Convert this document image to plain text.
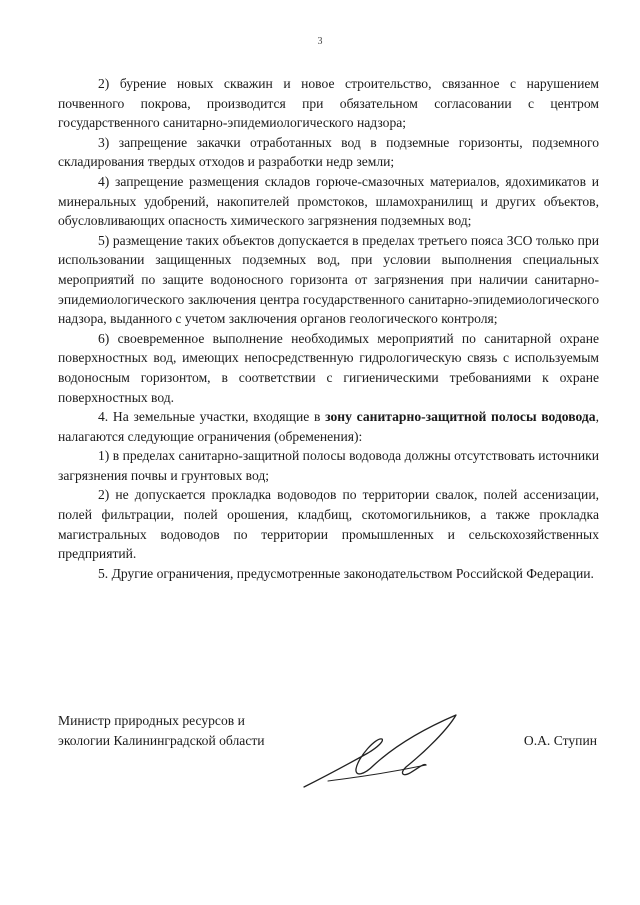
3

2) бурение новых скважин и новое строительство, связанное с нарушением почвенного покрова, производится при обязательном согласовании с центром государственного санитарно-эпидемиологического надзора;

3) запрещение закачки отработанных вод в подземные горизонты, подземного складирования твердых отходов и разработки недр земли;

4) запрещение размещения складов горюче-смазочных материалов, ядохимикатов и минеральных удобрений, накопителей промстоков, шламохранилищ и других объектов, обусловливающих опасность химического загрязнения подземных вод;

5) размещение таких объектов допускается в пределах третьего пояса ЗСО только при использовании защищенных подземных вод, при условии выполнения специальных мероприятий по защите водоносного горизонта от загрязнения при наличии санитарно-эпидемиологического заключения центра государственного санитарно-эпидемиологического надзора, выданного с учетом заключения органов геологического контроля;

6) своевременное выполнение необходимых мероприятий по санитарной охране поверхностных вод, имеющих непосредственную гидрологическую связь с используемым водоносным горизонтом, в соответствии с гигиеническими требованиями к охране поверхностных вод.

4. На земельные участки, входящие в зону санитарно-защитной полосы водовода, налагаются следующие ограничения (обременения):

1) в пределах санитарно-защитной полосы водовода должны отсутствовать источники загрязнения почвы и грунтовых вод;

2) не допускается прокладка водоводов по территории свалок, полей ассенизации, полей фильтрации, полей орошения, кладбищ, скотомогильников, а также прокладка магистральных водоводов по территории промышленных и сельскохозяйственных предприятий.

5. Другие ограничения, предусмотренные законодательством Российской Федерации.

Министр природных ресурсов и
экологии Калининградской области	О.А. Ступин
